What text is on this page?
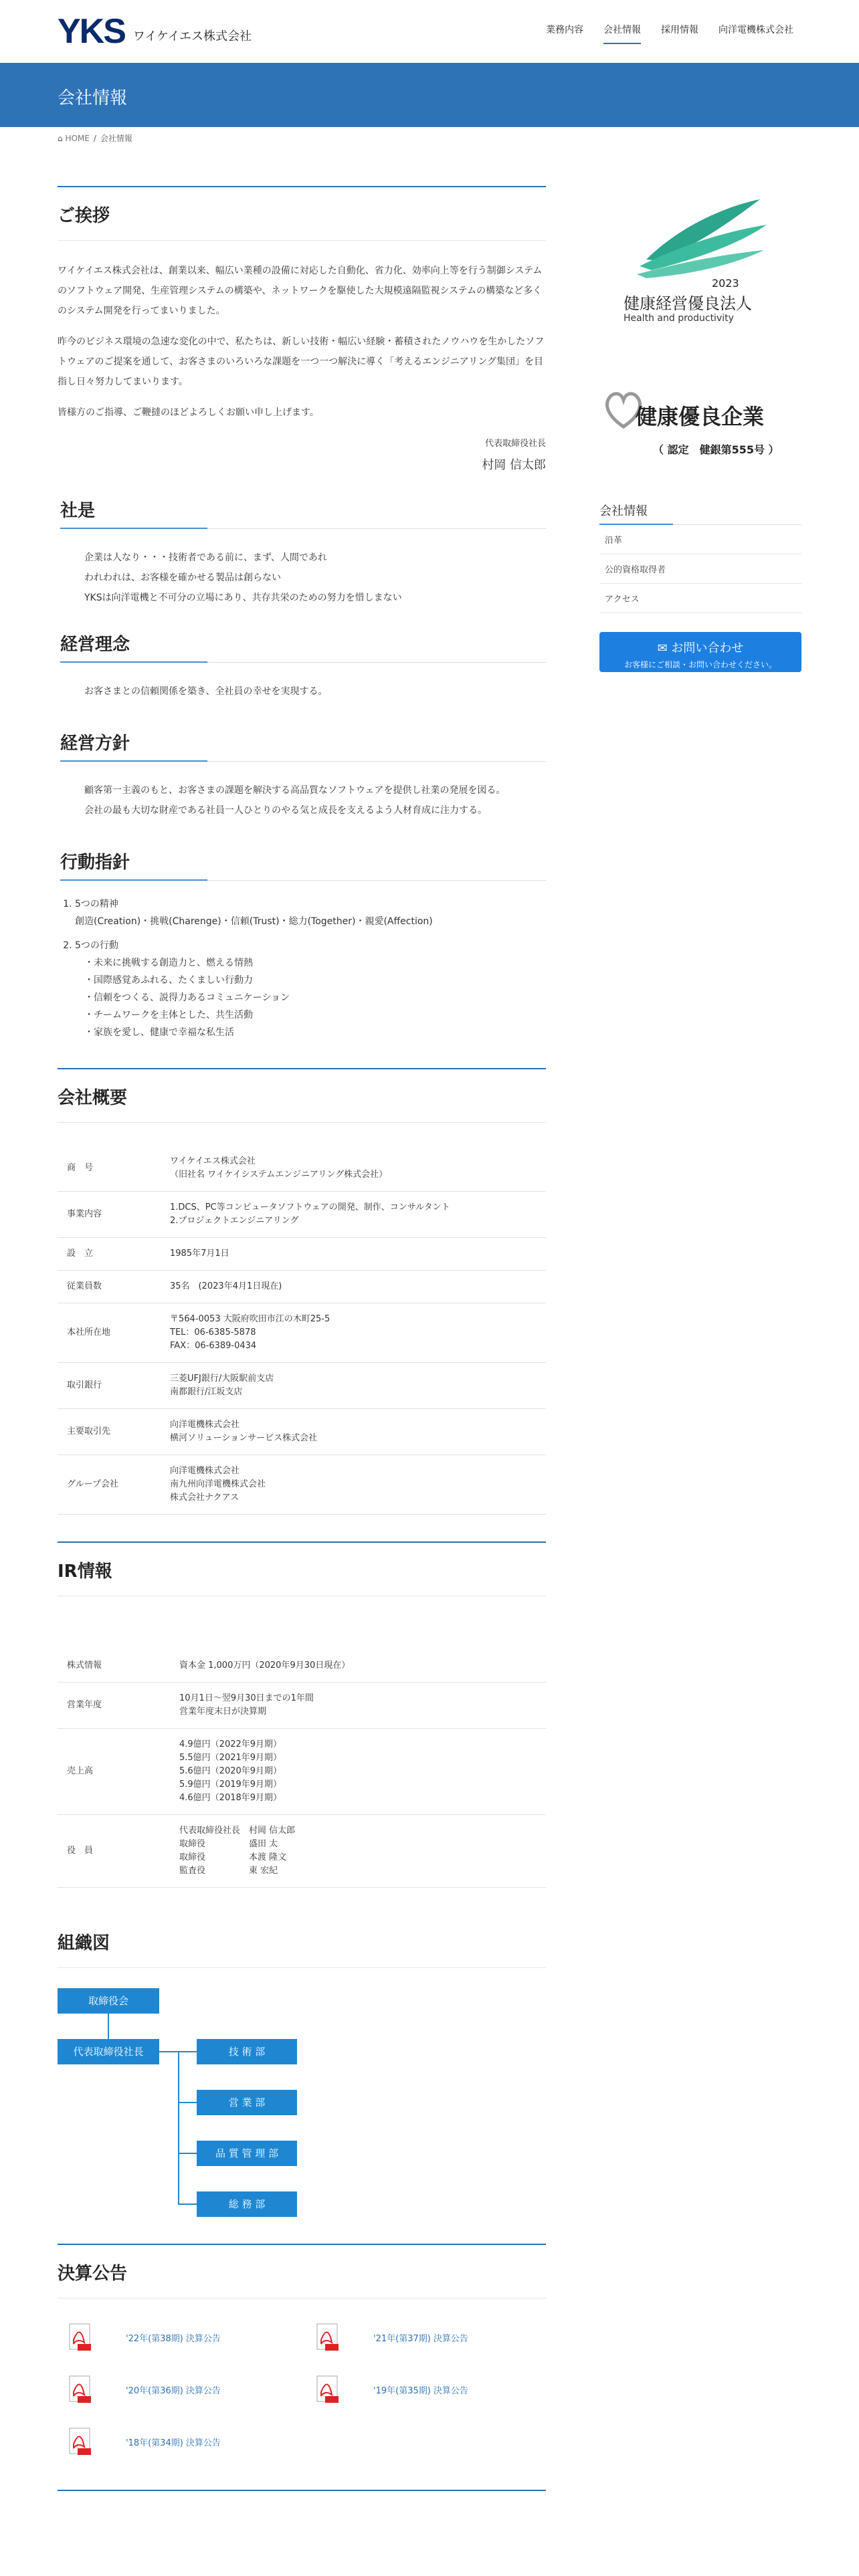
YKS ワイケイエス株式会社	業務内容 会社情報 採用情報 向洋電機株式会社
会社情報
⌂ HOME / 会社情報
ご挨拶

ワイケイエス株式会社は、創業以来、幅広い業種の設備に対応した自動化、省力化、効率向上等を行う制御システムのソフトウェア開発、生産管理システムの構築や、ネットワークを駆使した大規模遠隔監視システムの構築など多くのシステム開発を行ってまいりました。

昨今のビジネス環境の急速な変化の中で、私たちは、新しい技術・幅広い経験・蓄積されたノウハウを生かしたソフトウェアのご提案を通して、お客さまのいろいろな課題を一つ一つ解決に導く「考えるエンジニアリング集団」を目指し日々努力してまいります。

皆様方のご指導、ご鞭撻のほどよろしくお願い申し上げます。

代表取締役社長
村岡 信太郎
社是

企業は人なり・・・技術者である前に、まず、人間であれ

われわれは、お客様を確かせる製品は創らない

YKSは向洋電機と不可分の立場にあり、共存共栄のための努力を惜しまない

経営理念

お客さまとの信頼関係を築き、全社員の幸せを実現する。

経営方針

顧客第一主義のもと、お客さまの課題を解決する高品質なソフトウェアを提供し社業の発展を図る。

会社の最も大切な財産である社員一人ひとりのやる気と成長を支えるよう人材育成に注力する。

行動指針
1. 5つの精神
創造(Creation)・挑戦(Charenge)・信頼(Trust)・総力(Together)・親愛(Affection)
2. 5つの行動
・未来に挑戦する創造力と、燃える情熱
・国際感覚あふれる、たくましい行動力
・信頼をつくる、説得力あるコミュニケーション
・チームワークを主体とした、共生活動
・家族を愛し、健康で幸福な私生活
会社概要
商　号	ワイケイエス株式会社
（旧社名 ワイケイシステムエンジニアリング株式会社）

事業内容	1.DCS、PC等コンピュータソフトウェアの開発、制作、コンサルタント
2.プロジェクトエンジニアリング

設　立	1985年7月1日

従業員数	35名　(2023年4月1日現在)

本社所在地	〒564-0053 大阪府吹田市江の木町25-5
TEL：06-6385-5878
FAX：06-6389-0434

取引銀行	三菱UFJ銀行/大阪駅前支店
南都銀行/江坂支店

主要取引先	向洋電機株式会社
横河ソリューションサービス株式会社

グループ会社	向洋電機株式会社
南九州向洋電機株式会社
株式会社ナクアス
IR情報
株式情報	資本金 1,000万円（2020年9月30日現在）

営業年度	10月1日〜翌9月30日までの1年間
営業年度末日が決算期

売上高	4.9億円（2022年9月期）
5.5億円（2021年9月期）
5.6億円（2020年9月期）
5.9億円（2019年9月期）
4.6億円（2018年9月期）

役　員	代表取締役社長　村岡 信太郎
取締役　　　　　盛田 太
取締役　　　　　本渡 隆文
監査役　　　　　東 宏紀
組織図
取締役会
代表取締役社長	技 術 部
営 業 部
品 質 管 理 部
総 務 部
決算公告
'22年(第38期) 決算公告	'21年(第37期) 決算公告
'20年(第36期) 決算公告	'19年(第35期) 決算公告
'18年(第34期) 決算公告
2023
健康経営優良法人
Health and productivity
健康優良企業
（ 認定　健銀第555号 ）
会社情報
沿革
公的資格取得者
アクセス
✉ お問い合わせ
お客様にご相談・お問い合わせください。
